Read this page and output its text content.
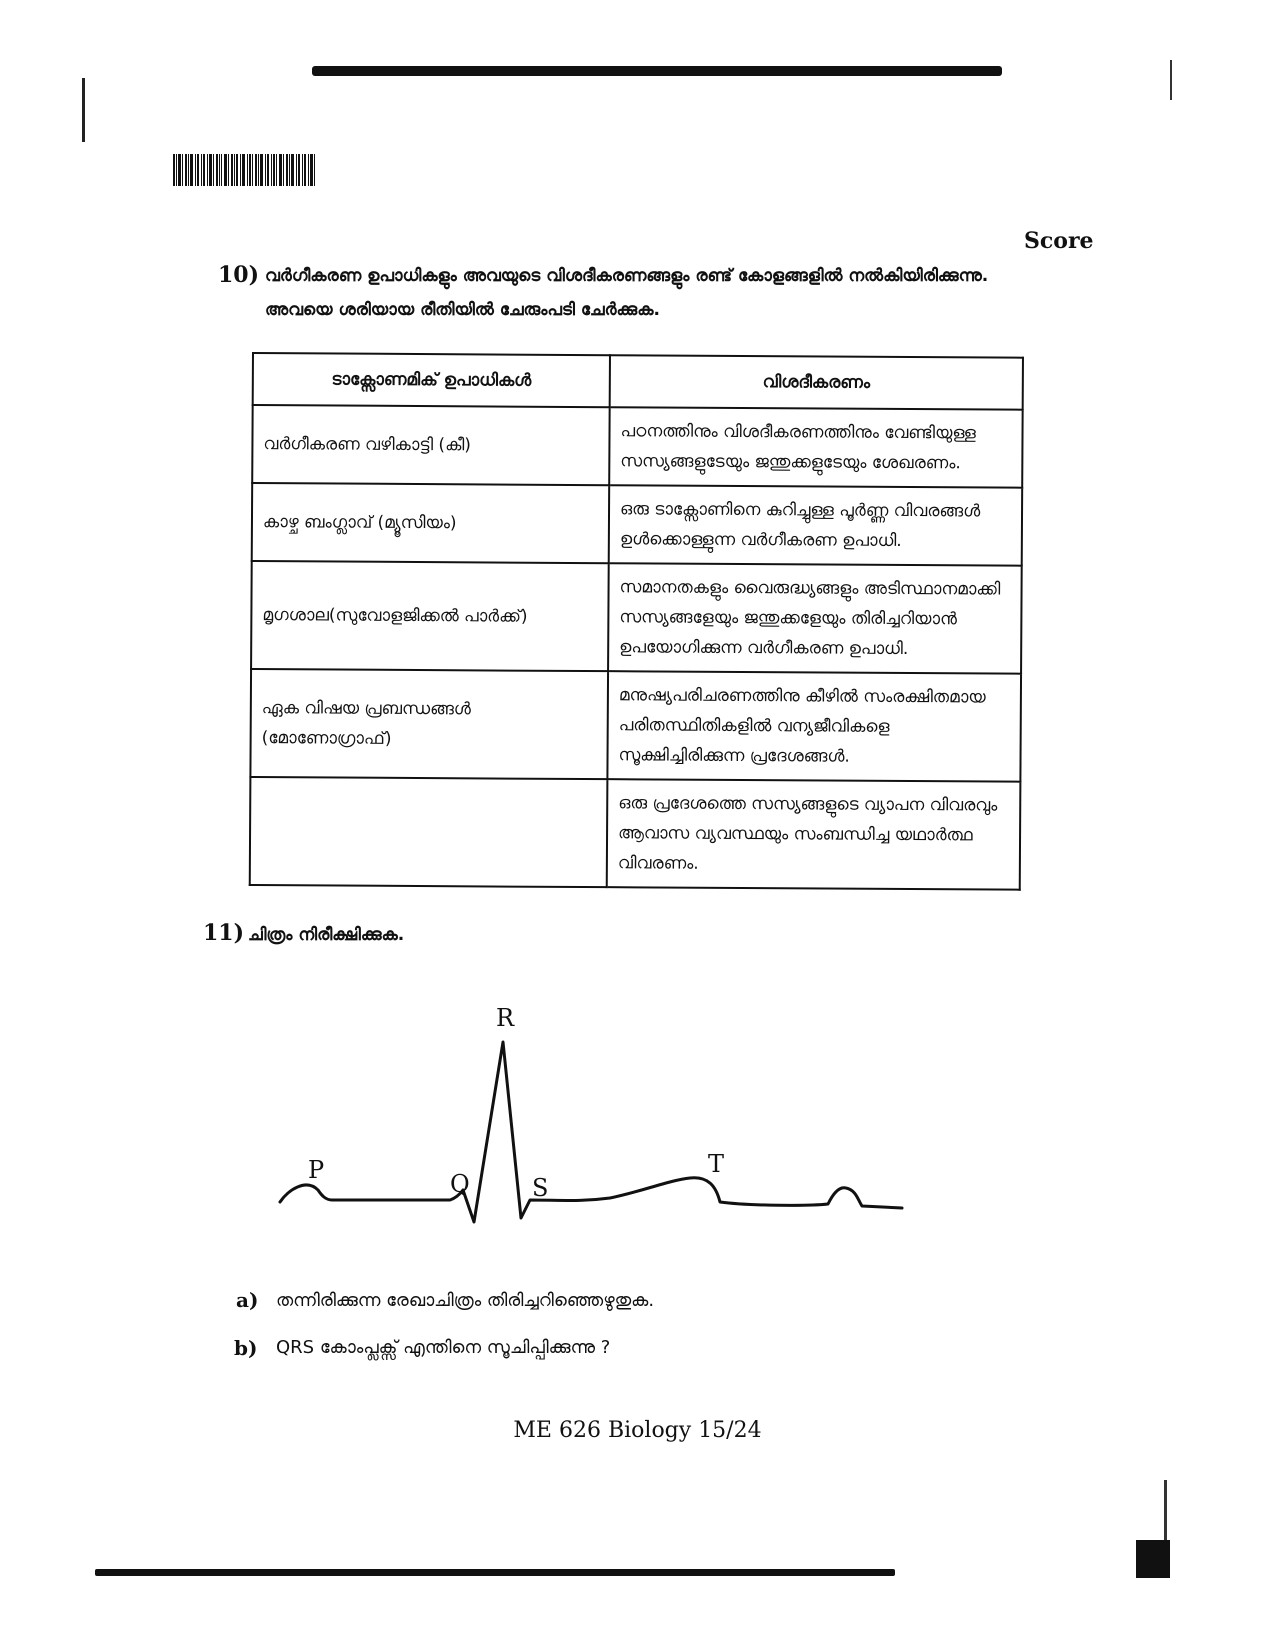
Score
10) വർഗീകരണ ഉപാധികളും അവയുടെ വിശദീകരണങ്ങളും രണ്ട് കോളങ്ങളിൽ നൽകിയിരിക്കുന്നു. അവയെ ശരിയായ രീതിയിൽ ചേരുംപടി ചേർക്കുക.
ടാക്സോണമിക് ഉപാധികൾ	വിശദീകരണം
വർഗീകരണ വഴികാട്ടി (കീ)	പഠനത്തിനും വിശദീകരണത്തിനും വേണ്ടിയുള്ള സസ്യങ്ങളുടേയും ജന്തുക്കളുടേയും ശേഖരണം.
കാഴ്ച ബംഗ്ലാവ് (മ്യൂസിയം)	ഒരു ടാക്സോണിനെ കുറിച്ചുള്ള പൂർണ്ണ വിവരങ്ങൾ ഉൾക്കൊള്ളുന്ന വർഗീകരണ ഉപാധി.
മൃഗശാല(സുവോളജിക്കൽ പാർക്ക്)	സമാനതകളും വൈരുദ്ധ്യങ്ങളും അടിസ്ഥാനമാക്കി സസ്യങ്ങളേയും ജന്തുക്കളേയും തിരിച്ചറിയാൻ ഉപയോഗിക്കുന്ന വർഗീകരണ ഉപാധി.
ഏക വിഷയ പ്രബന്ധങ്ങൾ (മോണോഗ്രാഫ്)	മനുഷ്യപരിചരണത്തിനു കീഴിൽ സംരക്ഷിതമായ പരിതസ്ഥിതികളിൽ വന്യജീവികളെ സൂക്ഷിച്ചിരിക്കുന്ന പ്രദേശങ്ങൾ.
	ഒരു പ്രദേശത്തെ സസ്യങ്ങളുടെ വ്യാപന വിവരവും ആവാസ വ്യവസ്ഥയും സംബന്ധിച്ച യഥാർത്ഥ വിവരണം.
11) ചിത്രം നിരീക്ഷിക്കുക.
P	Q
R
S
T
a) തന്നിരിക്കുന്ന രേഖാചിത്രം തിരിച്ചറിഞ്ഞെഴുതുക.
b) QRS കോംപ്ലക്സ് എന്തിനെ സൂചിപ്പിക്കുന്നു ?
ME 626 Biology 15/24
